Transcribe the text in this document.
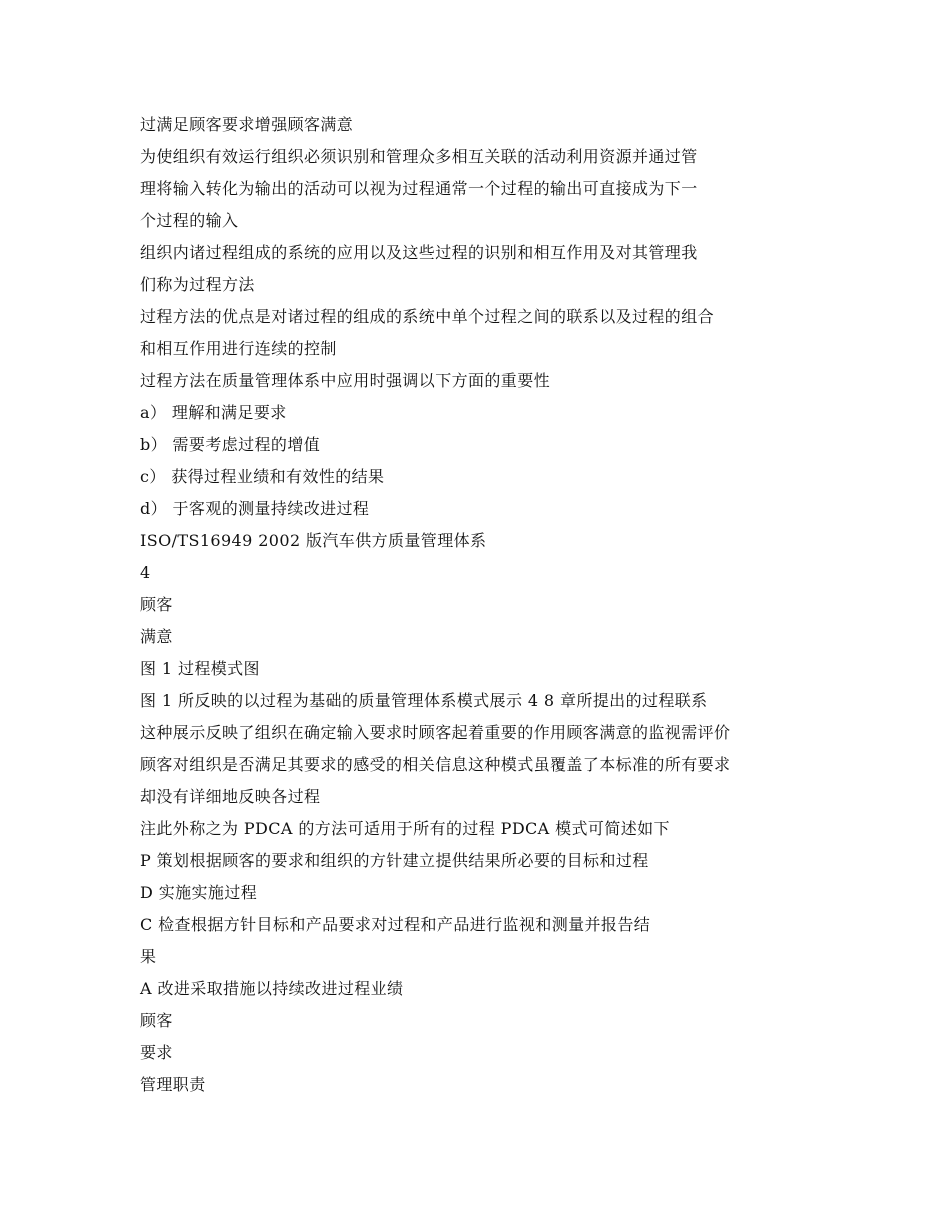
过满足顾客要求增强顾客满意
为使组织有效运行组织必须识别和管理众多相互关联的活动利用资源并通过管
理将输入转化为输出的活动可以视为过程通常一个过程的输出可直接成为下一
个过程的输入
组织内诸过程组成的系统的应用以及这些过程的识别和相互作用及对其管理我
们称为过程方法
过程方法的优点是对诸过程的组成的系统中单个过程之间的联系以及过程的组合
和相互作用进行连续的控制
过程方法在质量管理体系中应用时强调以下方面的重要性
a） 理解和满足要求
b） 需要考虑过程的增值
c） 获得过程业绩和有效性的结果
d） 于客观的测量持续改进过程
ISO/TS16949 2002 版汽车供方质量管理体系
4
顾客
满意
图 1 过程模式图
图 1 所反映的以过程为基础的质量管理体系模式展示 4 8 章所提出的过程联系
这种展示反映了组织在确定输入要求时顾客起着重要的作用顾客满意的监视需评价
顾客对组织是否满足其要求的感受的相关信息这种模式虽覆盖了本标准的所有要求
却没有详细地反映各过程
注此外称之为 PDCA 的方法可适用于所有的过程 PDCA 模式可简述如下
P 策划根据顾客的要求和组织的方针建立提供结果所必要的目标和过程
D 实施实施过程
C 检查根据方针目标和产品要求对过程和产品进行监视和测量并报告结
果
A 改进采取措施以持续改进过程业绩
顾客
要求
管理职责
